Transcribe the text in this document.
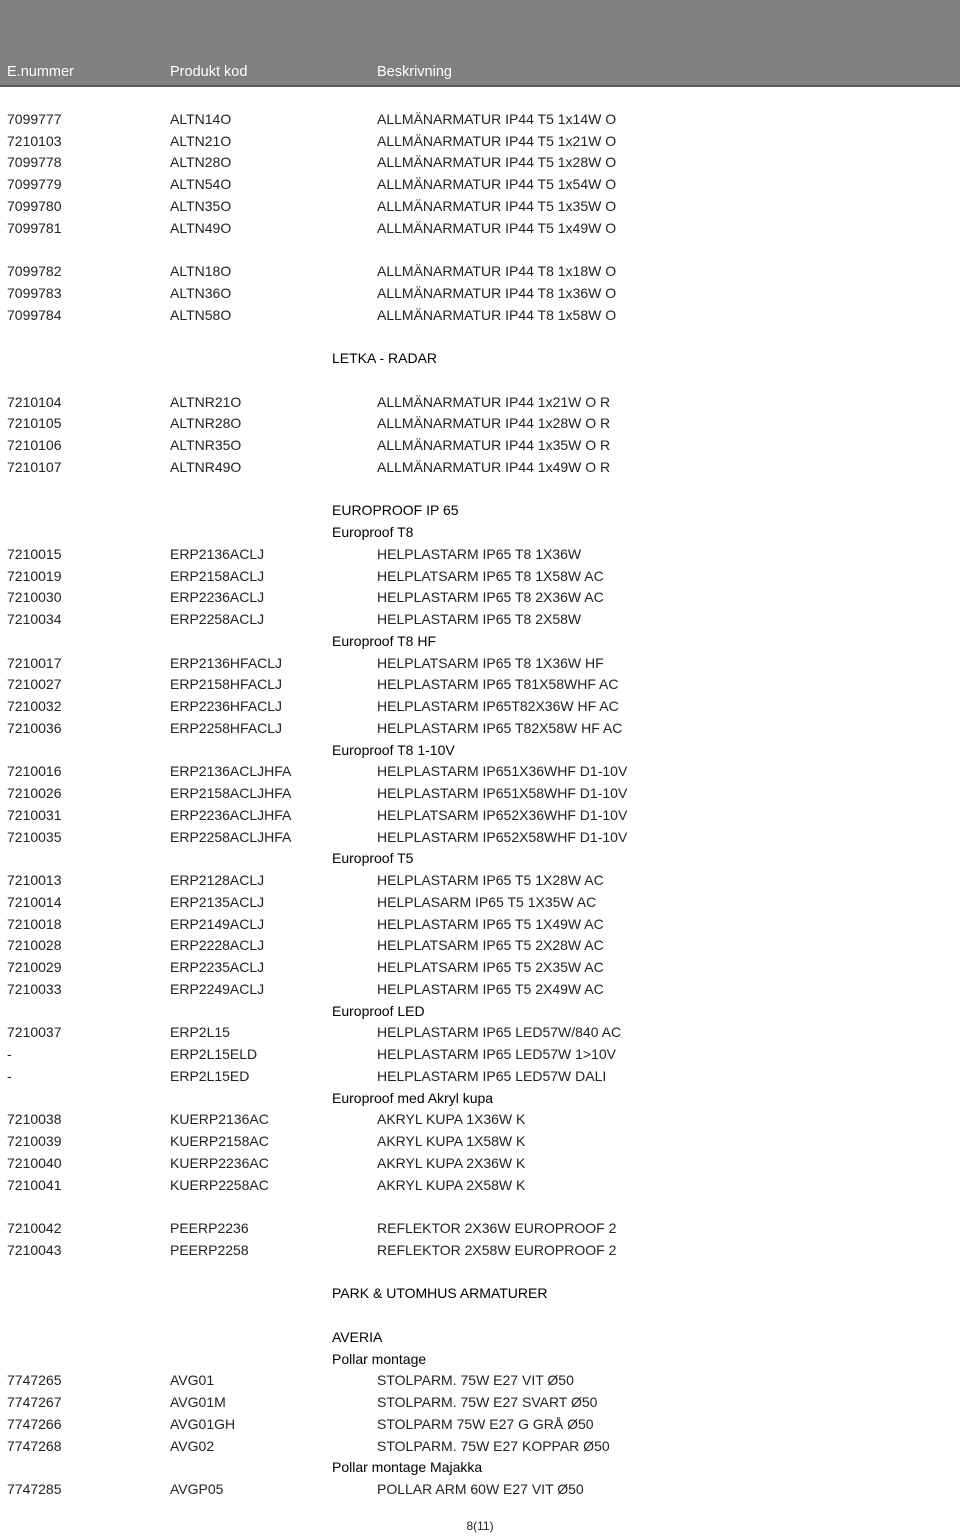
E.nummer	Produkt kod	Beskrivning
7099777	ALTN14O	ALLMÄNARMATUR IP44 T5 1x14W O
7210103	ALTN21O	ALLMÄNARMATUR IP44 T5 1x21W O
7099778	ALTN28O	ALLMÄNARMATUR IP44 T5 1x28W O
7099779	ALTN54O	ALLMÄNARMATUR IP44 T5 1x54W O
7099780	ALTN35O	ALLMÄNARMATUR IP44 T5 1x35W O
7099781	ALTN49O	ALLMÄNARMATUR IP44 T5 1x49W O
7099782	ALTN18O	ALLMÄNARMATUR IP44 T8 1x18W O
7099783	ALTN36O	ALLMÄNARMATUR IP44 T8 1x36W O
7099784	ALTN58O	ALLMÄNARMATUR IP44 T8 1x58W O
LETKA - RADAR
7210104	ALTNR21O	ALLMÄNARMATUR IP44 1x21W O R
7210105	ALTNR28O	ALLMÄNARMATUR IP44 1x28W O R
7210106	ALTNR35O	ALLMÄNARMATUR IP44 1x35W O R
7210107	ALTNR49O	ALLMÄNARMATUR IP44 1x49W O R
EUROPROOF IP 65
Europroof T8
7210015	ERP2136ACLJ	HELPLASTARM IP65 T8 1X36W
7210019	ERP2158ACLJ	HELPLATSARM IP65 T8 1X58W AC
7210030	ERP2236ACLJ	HELPLASTARM IP65 T8 2X36W AC
7210034	ERP2258ACLJ	HELPLASTARM IP65 T8 2X58W
Europroof T8 HF
7210017	ERP2136HFACLJ	HELPLATSARM IP65 T8 1X36W HF
7210027	ERP2158HFACLJ	HELPLASTARM IP65 T81X58WHF AC
7210032	ERP2236HFACLJ	HELPLASTARM IP65T82X36W HF AC
7210036	ERP2258HFACLJ	HELPLASTARM IP65 T82X58W HF AC
Europroof T8 1-10V
7210016	ERP2136ACLJHFA	HELPLASTARM IP651X36WHF D1-10V
7210026	ERP2158ACLJHFA	HELPLASTARM IP651X58WHF D1-10V
7210031	ERP2236ACLJHFA	HELPLATSARM IP652X36WHF D1-10V
7210035	ERP2258ACLJHFA	HELPLASTARM IP652X58WHF D1-10V
Europroof T5
7210013	ERP2128ACLJ	HELPLASTARM IP65 T5 1X28W AC
7210014	ERP2135ACLJ	HELPLASARM IP65 T5 1X35W AC
7210018	ERP2149ACLJ	HELPLASTARM IP65 T5 1X49W AC
7210028	ERP2228ACLJ	HELPLATSARM IP65 T5 2X28W AC
7210029	ERP2235ACLJ	HELPLATSARM IP65 T5 2X35W AC
7210033	ERP2249ACLJ	HELPLASTARM IP65 T5 2X49W AC
Europroof LED
7210037	ERP2L15	HELPLASTARM IP65 LED57W/840 AC
-	ERP2L15ELD	HELPLASTARM IP65 LED57W 1>10V
-	ERP2L15ED	HELPLASTARM IP65 LED57W DALI
Europroof med Akryl kupa
7210038	KUERP2136AC	AKRYL KUPA 1X36W K
7210039	KUERP2158AC	AKRYL KUPA 1X58W K
7210040	KUERP2236AC	AKRYL KUPA 2X36W K
7210041	KUERP2258AC	AKRYL KUPA 2X58W K
7210042	PEERP2236	REFLEKTOR 2X36W EUROPROOF 2
7210043	PEERP2258	REFLEKTOR 2X58W EUROPROOF 2
PARK & UTOMHUS ARMATURER
AVERIA
Pollar montage
7747265	AVG01	STOLPARM. 75W E27 VIT Ø50
7747267	AVG01M	STOLPARM. 75W E27 SVART Ø50
7747266	AVG01GH	STOLPARM 75W E27 G GRÅ Ø50
7747268	AVG02	STOLPARM. 75W E27 KOPPAR Ø50
Pollar montage Majakka
7747285	AVGP05	POLLAR ARM 60W E27 VIT Ø50
8(11)
